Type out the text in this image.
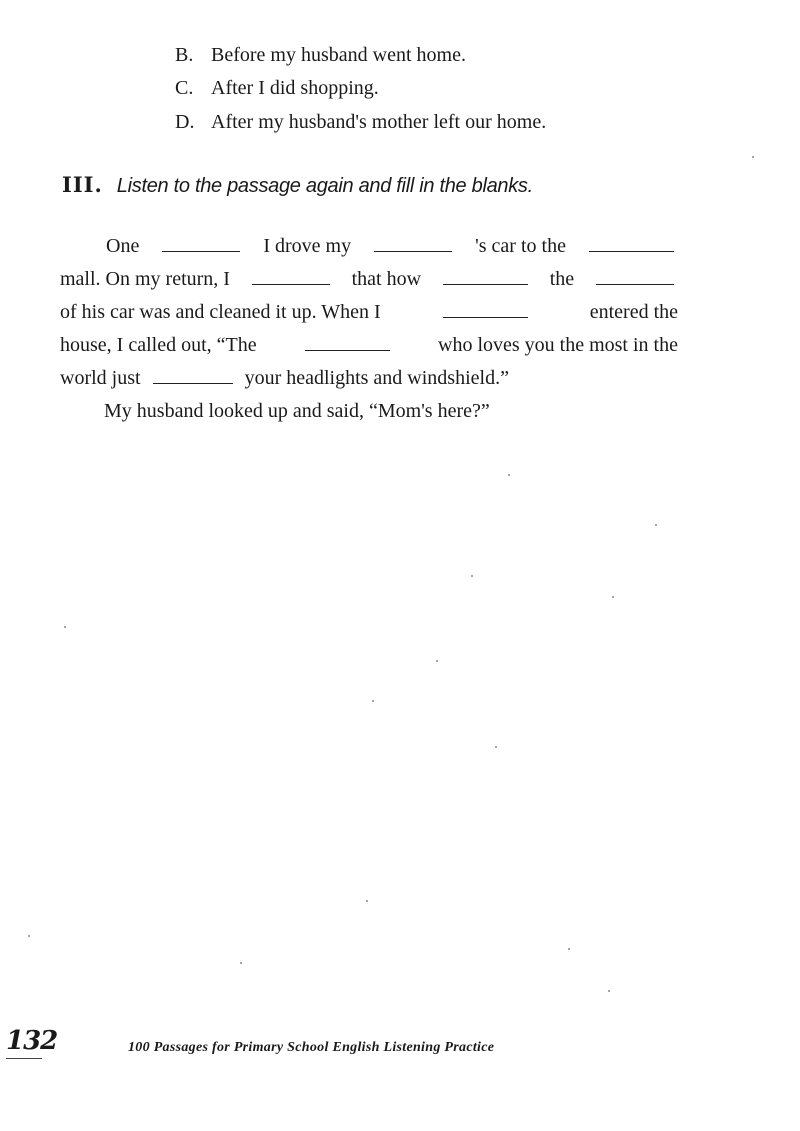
B. Before my husband went home.
C. After I did shopping.
D. After my husband's mother left our home.
III. Listen to the passage again and fill in the blanks.
One	I drove my	's car to the
mall. On my return, I	that how	the
of his car was and cleaned it up. When I	entered the
house, I called out, “The	who loves you the most in the
world just	your headlights and windshield.”
My husband looked up and said, “Mom's here?”
132	100 Passages for Primary School English Listening Practice
